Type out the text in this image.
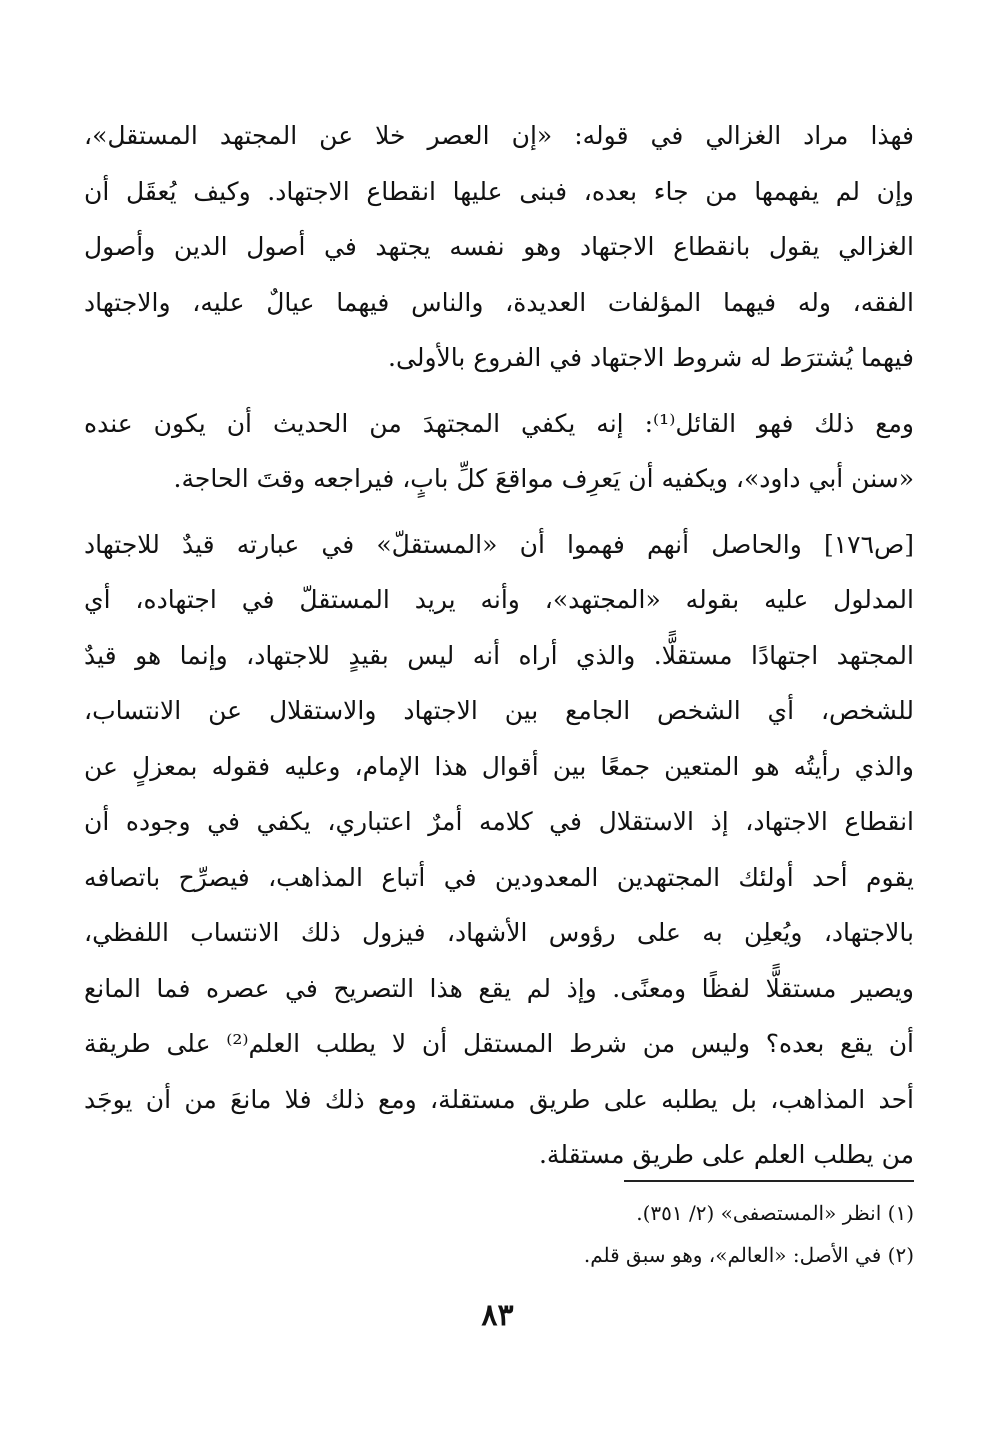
فهذا مراد الغزالي في قوله: «إن العصر خلا عن المجتهد المستقل»،
وإن لم يفهمها من جاء بعده، فبنى عليها انقطاع الاجتهاد. وكيف يُعقَل أن
الغزالي يقول بانقطاع الاجتهاد وهو نفسه يجتهد في أصول الدين وأصول
الفقه، وله فيهما المؤلفات العديدة، والناس فيهما عيالٌ عليه، والاجتهاد
فيهما يُشترَط له شروط الاجتهاد في الفروع بالأولى.

ومع ذلك فهو القائل⁽¹⁾: إنه يكفي المجتهدَ من الحديث أن يكون عنده
«سنن أبي داود»، ويكفيه أن يَعرِف مواقعَ كلِّ بابٍ، فيراجعه وقتَ الحاجة.

[ص١٧٦] والحاصل أنهم فهموا أن «المستقلّ» في عبارته قيدٌ للاجتهاد
المدلول عليه بقوله «المجتهد»، وأنه يريد المستقلّ في اجتهاده، أي
المجتهد اجتهادًا مستقلًّا. والذي أراه أنه ليس بقيدٍ للاجتهاد، وإنما هو قيدٌ
للشخص، أي الشخص الجامع بين الاجتهاد والاستقلال عن الانتساب،
والذي رأيتُه هو المتعين جمعًا بين أقوال هذا الإمام، وعليه فقوله بمعزلٍ عن
انقطاع الاجتهاد، إذ الاستقلال في كلامه أمرٌ اعتباري، يكفي في وجوده أن
يقوم أحد أولئك المجتهدين المعدودين في أتباع المذاهب، فيصرِّح باتصافه
بالاجتهاد، ويُعلِن به على رؤوس الأشهاد، فيزول ذلك الانتساب اللفظي،
ويصير مستقلًّا لفظًا ومعنًى. وإذ لم يقع هذا التصريح في عصره فما المانع
أن يقع بعده؟ وليس من شرط المستقل أن لا يطلب العلم⁽²⁾ على طريقة
أحد المذاهب، بل يطلبه على طريق مستقلة، ومع ذلك فلا مانعَ من أن يوجَد
من يطلب العلم على طريق مستقلة.

(١) انظر «المستصفى» (٢/ ٣٥١).
(٢) في الأصل: «العالم»، وهو سبق قلم.
٨٣
